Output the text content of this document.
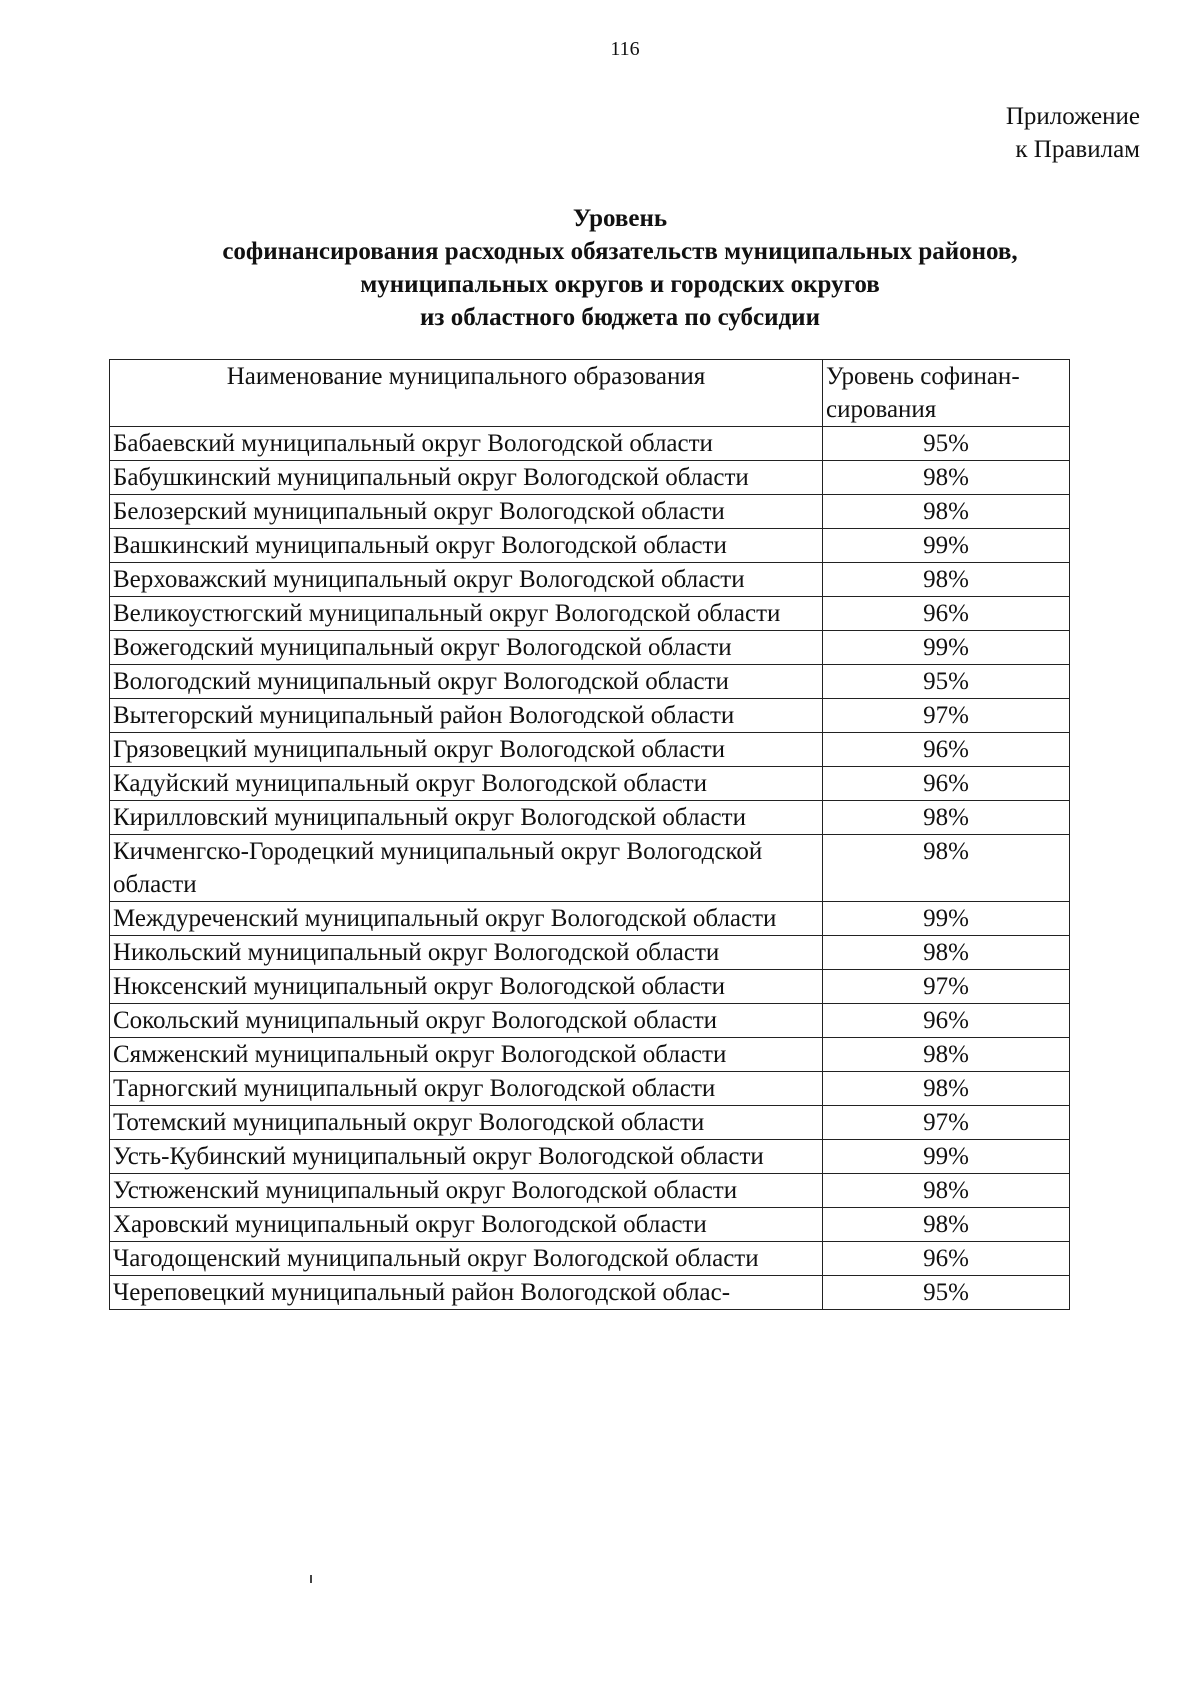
116
Приложение
к Правилам
Уровень
софинансирования расходных обязательств муниципальных районов,
муниципальных округов и городских округов
из областного бюджета по субсидии
Наименование муниципального образования	Уровень софинан-сирования
Бабаевский муниципальный округ Вологодской области	95%
Бабушкинский муниципальный округ Вологодской области	98%
Белозерский муниципальный округ Вологодской области	98%
Вашкинский муниципальный округ Вологодской области	99%
Верховажский муниципальный округ Вологодской области	98%
Великоустюгский муниципальный округ Вологодской области	96%
Вожегодский муниципальный округ Вологодской области	99%
Вологодский муниципальный округ Вологодской области	95%
Вытегорский муниципальный район Вологодской области	97%
Грязовецкий муниципальный округ Вологодской области	96%
Кадуйский муниципальный округ Вологодской области	96%
Кирилловский муниципальный округ Вологодской области	98%
Кичменгско-Городецкий муниципальный округ Вологодской области	98%
Междуреченский муниципальный округ Вологодской области	99%
Никольский муниципальный округ Вологодской области	98%
Нюксенский муниципальный округ Вологодской области	97%
Сокольский муниципальный округ Вологодской области	96%
Сямженский муниципальный округ Вологодской области	98%
Тарногский муниципальный округ Вологодской области	98%
Тотемский муниципальный округ Вологодской области	97%
Усть-Кубинский муниципальный округ Вологодской области	99%
Устюженский муниципальный округ Вологодской области	98%
Харовский муниципальный округ Вологодской области	98%
Чагодощенский муниципальный округ Вологодской области	96%
Череповецкий муниципальный район Вологодской облас-	95%
